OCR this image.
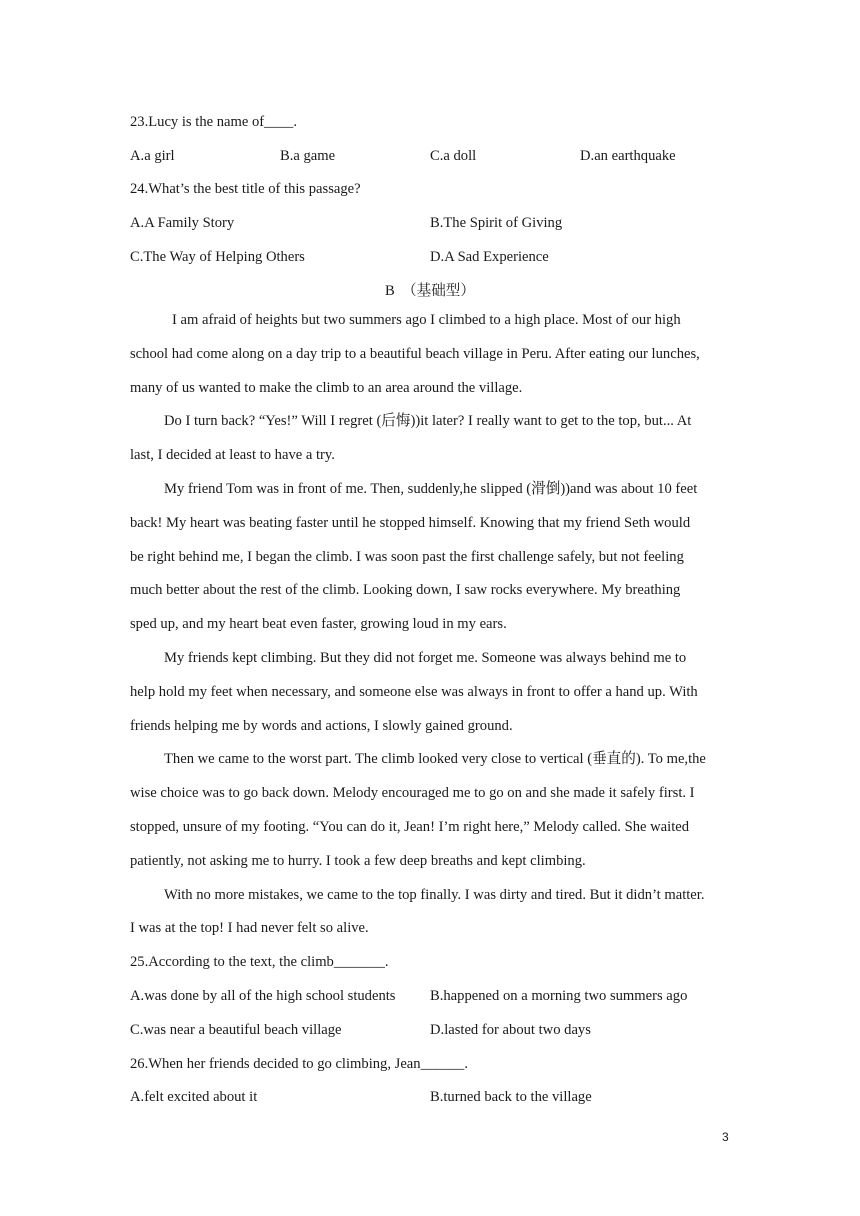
23.Lucy is the name of____.
A.a girl	B.a game	C.a doll	D.an earthquake
24.What’s the best title of this passage?
A.A Family Story	B.The Spirit of Giving
C.The Way of Helping Others	D.A Sad Experience
B　（基础型）
I am afraid of heights but two summers ago I climbed to a high place. Most of our high
school had come along on a day trip to a beautiful beach village in Peru. After eating our lunches,
many of us wanted to make the climb to an area around the village.
Do I turn back? “Yes!” Will I regret (后悔))it later? I really want to get to the top, but... At
last, I decided at least to have a try.
My friend Tom was in front of me. Then, suddenly,he slipped (滑倒))and was about 10 feet
back! My heart was beating faster until he stopped himself. Knowing that my friend Seth would
be right behind me, I began the climb. I was soon past the first challenge safely, but not feeling
much better about the rest of the climb. Looking down, I saw rocks everywhere. My breathing
sped up, and my heart beat even faster, growing loud in my ears.
My friends kept climbing. But they did not forget me. Someone was always behind me to
help hold my feet when necessary, and someone else was always in front to offer a hand up. With
friends helping me by words and actions, I slowly gained ground.
Then we came to the worst part. The climb looked very close to vertical (垂直的). To me,the
wise choice was to go back down. Melody encouraged me to go on and she made it safely first. I
stopped, unsure of my footing. “You can do it, Jean! I’m right here,” Melody called. She waited
patiently, not asking me to hurry. I took a few deep breaths and kept climbing.
With no more mistakes, we came to the top finally. I was dirty and tired. But it didn’t matter.
I was at the top! I had never felt so alive.
25.According to the text, the climb_______.
A.was done by all of the high school students B.happened on a morning two summers ago
C.was near a beautiful beach village	D.lasted for about two days
26.When her friends decided to go climbing, Jean______.
A.felt excited about it	B.turned back to the village
3
